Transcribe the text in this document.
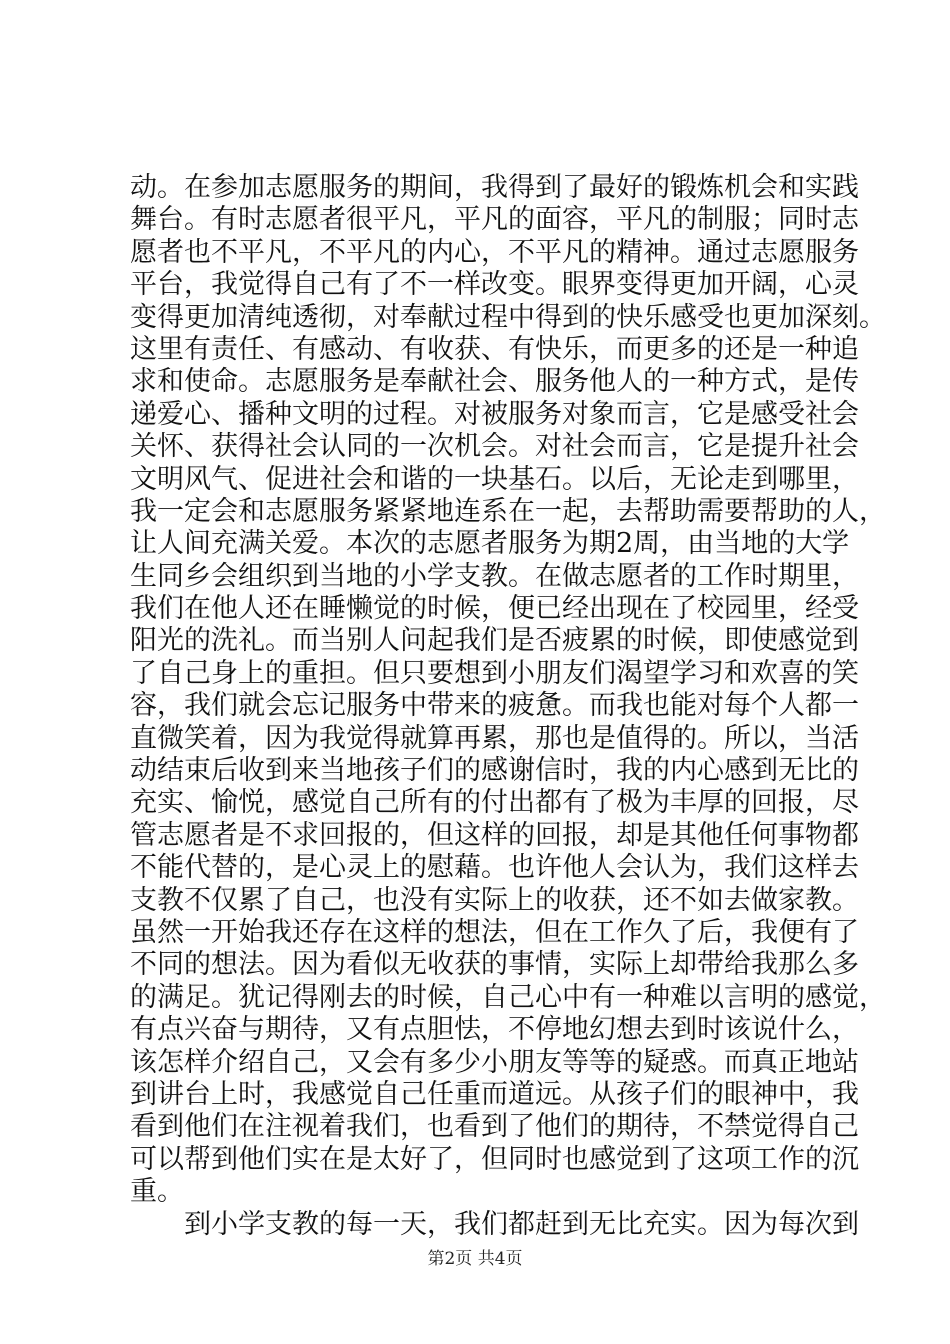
动。在参加志愿服务的期间，我得到了最好的锻炼机会和实践
舞台。有时志愿者很平凡，平凡的面容，平凡的制服；同时志
愿者也不平凡，不平凡的内心，不平凡的精神。通过志愿服务
平台，我觉得自己有了不一样改变。眼界变得更加开阔，心灵
变得更加清纯透彻，对奉献过程中得到的快乐感受也更加深刻。
这里有责任、有感动、有收获、有快乐，而更多的还是一种追
求和使命。志愿服务是奉献社会、服务他人的一种方式，是传
递爱心、播种文明的过程。对被服务对象而言，它是感受社会
关怀、获得社会认同的一次机会。对社会而言，它是提升社会
文明风气、促进社会和谐的一块基石。以后，无论走到哪里，
我一定会和志愿服务紧紧地连系在一起，去帮助需要帮助的人，
让人间充满关爱。本次的志愿者服务为期2周，由当地的大学
生同乡会组织到当地的小学支教。在做志愿者的工作时期里，
我们在他人还在睡懒觉的时候，便已经出现在了校园里，经受
阳光的洗礼。而当别人问起我们是否疲累的时候，即使感觉到
了自己身上的重担。但只要想到小朋友们渴望学习和欢喜的笑
容，我们就会忘记服务中带来的疲惫。而我也能对每个人都一
直微笑着，因为我觉得就算再累，那也是值得的。所以，当活
动结束后收到来当地孩子们的感谢信时，我的内心感到无比的
充实、愉悦，感觉自己所有的付出都有了极为丰厚的回报，尽
管志愿者是不求回报的，但这样的回报，却是其他任何事物都
不能代替的，是心灵上的慰藉。也许他人会认为，我们这样去
支教不仅累了自己，也没有实际上的收获，还不如去做家教。
虽然一开始我还存在这样的想法，但在工作久了后，我便有了
不同的想法。因为看似无收获的事情，实际上却带给我那么多
的满足。犹记得刚去的时候，自己心中有一种难以言明的感觉，
有点兴奋与期待，又有点胆怯，不停地幻想去到时该说什么，
该怎样介绍自己，又会有多少小朋友等等的疑惑。而真正地站
到讲台上时，我感觉自己任重而道远。从孩子们的眼神中，我
看到他们在注视着我们，也看到了他们的期待，不禁觉得自己
可以帮到他们实在是太好了，但同时也感觉到了这项工作的沉
重。
到小学支教的每一天，我们都赶到无比充实。因为每次到
第2页 共4页
